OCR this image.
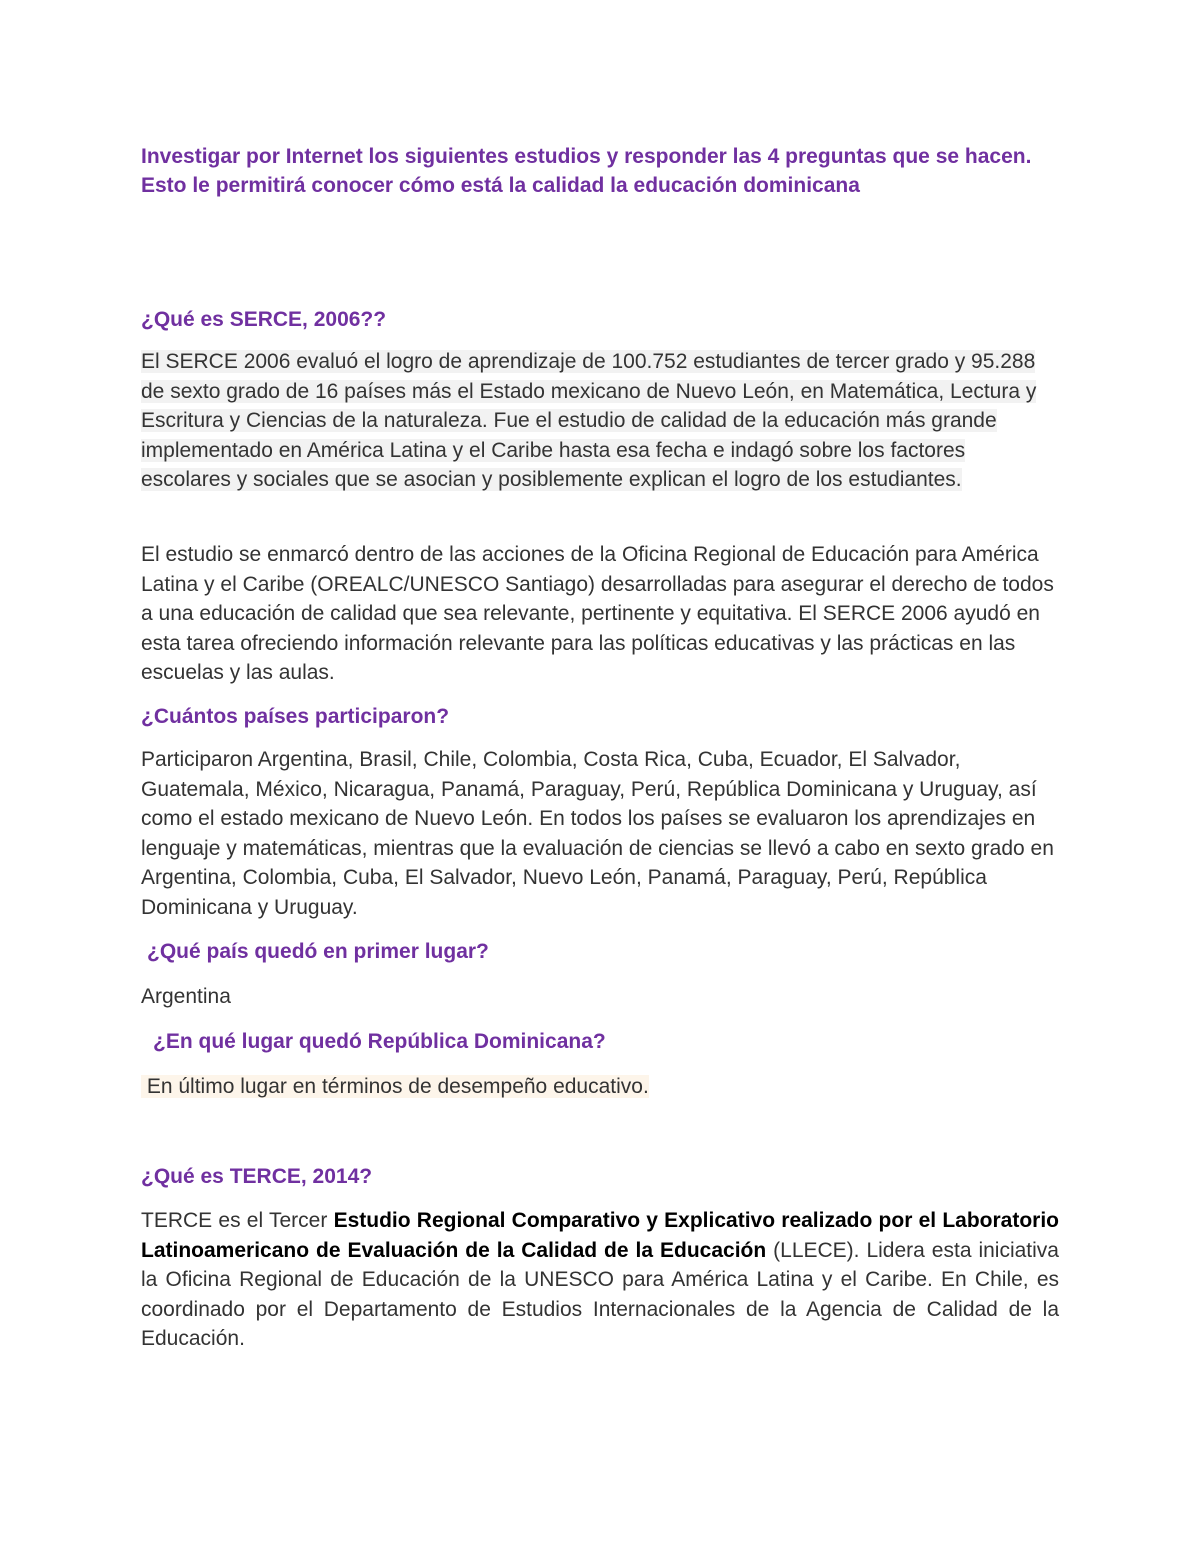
Investigar por Internet los siguientes estudios y responder las 4 preguntas que se hacen. Esto le permitirá conocer cómo está la calidad la educación dominicana
¿Qué es SERCE, 2006??
El SERCE 2006 evaluó el logro de aprendizaje de 100.752 estudiantes de tercer grado y 95.288 de sexto grado de 16 países más el Estado mexicano de Nuevo León, en Matemática, Lectura y Escritura y Ciencias de la naturaleza. Fue el estudio de calidad de la educación más grande implementado en América Latina y el Caribe hasta esa fecha e indagó sobre los factores escolares y sociales que se asocian y posiblemente explican el logro de los estudiantes.
El estudio se enmarcó dentro de las acciones de la Oficina Regional de Educación para América Latina y el Caribe (OREALC/UNESCO Santiago) desarrolladas para asegurar el derecho de todos a una educación de calidad que sea relevante, pertinente y equitativa. El SERCE 2006 ayudó en esta tarea ofreciendo información relevante para las políticas educativas y las prácticas en las escuelas y las aulas.
¿Cuántos países participaron?
Participaron Argentina, Brasil, Chile, Colombia, Costa Rica, Cuba, Ecuador, El Salvador, Guatemala, México, Nicaragua, Panamá, Paraguay, Perú, República Dominicana y Uruguay, así como el estado mexicano de Nuevo León. En todos los países se evaluaron los aprendizajes en lenguaje y matemáticas, mientras que la evaluación de ciencias se llevó a cabo en sexto grado en Argentina, Colombia, Cuba, El Salvador, Nuevo León, Panamá, Paraguay, Perú, República Dominicana y Uruguay.
¿Qué país quedó en primer lugar?
Argentina
¿En qué lugar quedó República Dominicana?
En último lugar en términos de desempeño educativo.
¿Qué es TERCE, 2014?
TERCE es el Tercer Estudio Regional Comparativo y Explicativo realizado por el Laboratorio Latinoamericano de Evaluación de la Calidad de la Educación (LLECE). Lidera esta iniciativa la Oficina Regional de Educación de la UNESCO para América Latina y el Caribe. En Chile, es coordinado por el Departamento de Estudios Internacionales de la Agencia de Calidad de la Educación.
